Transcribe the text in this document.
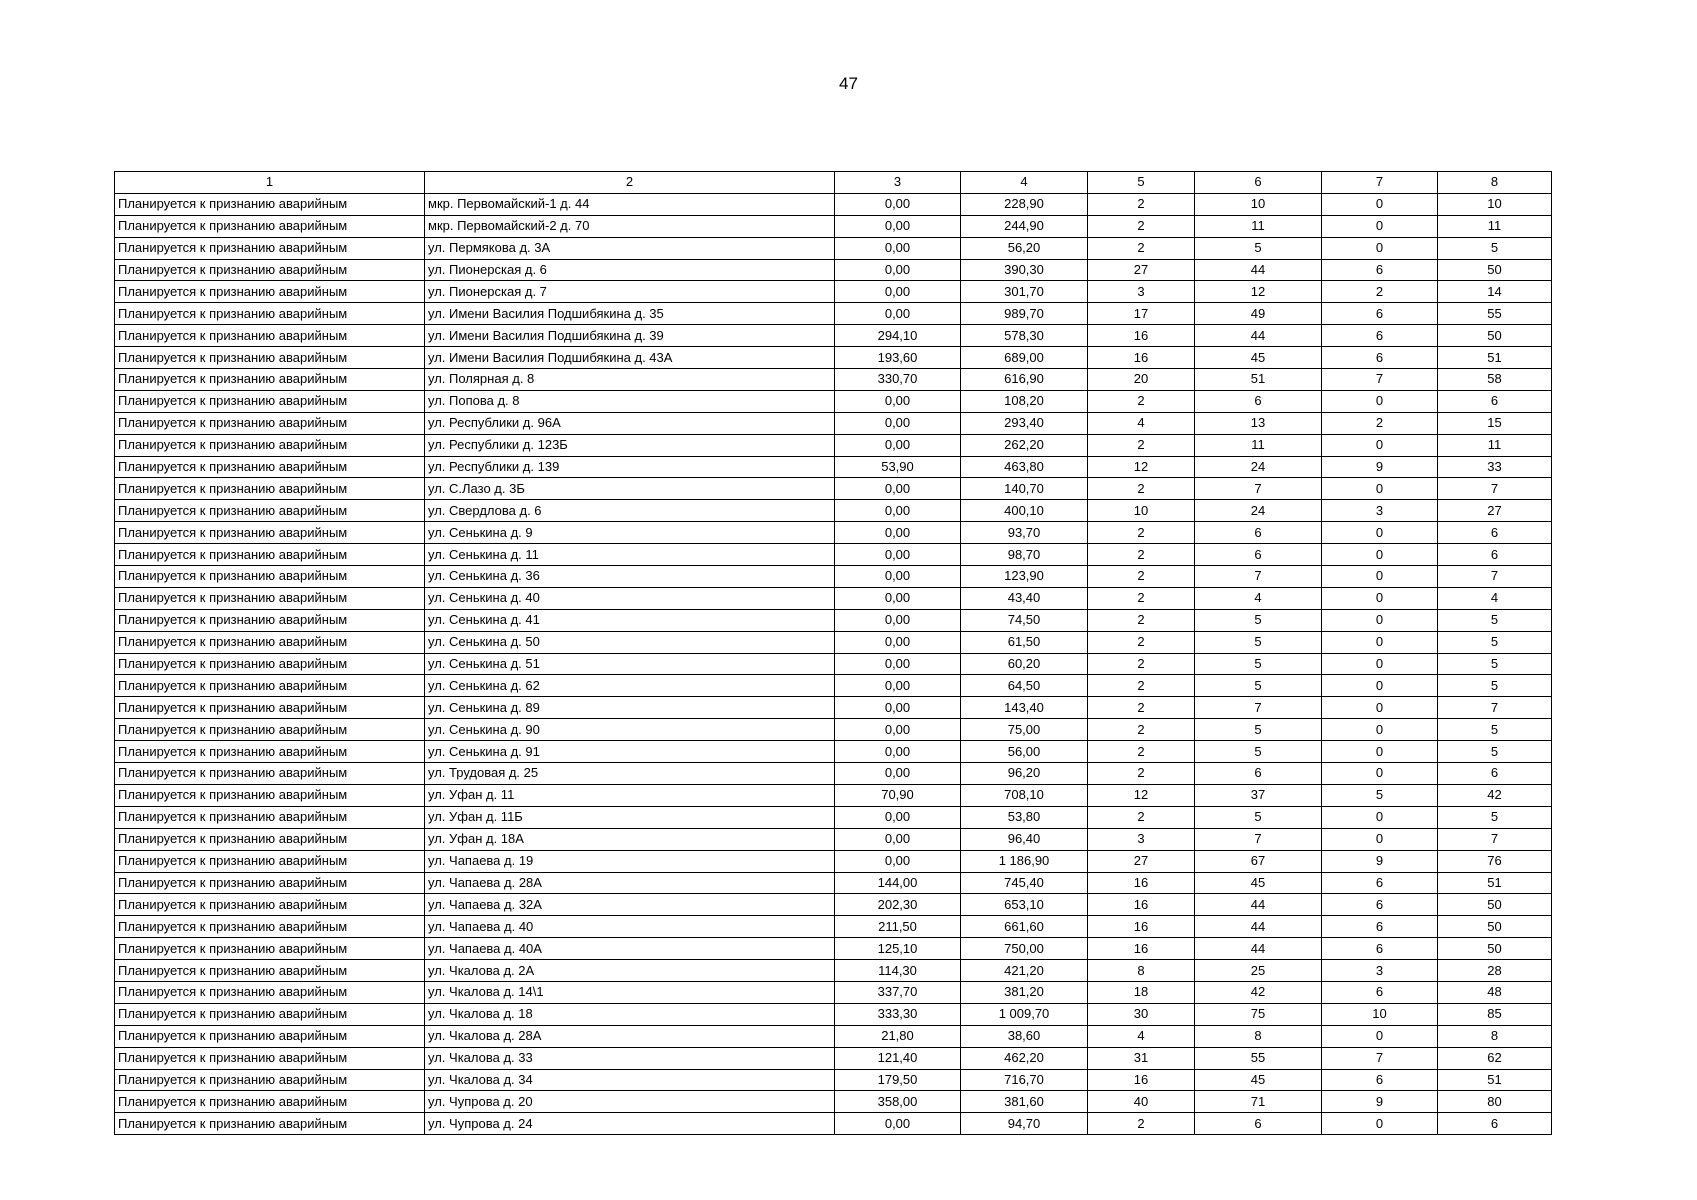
47
1	2	3	4	5	6	7	8
Планируется к признанию аварийным	мкр. Первомайский-1 д. 44	0,00	228,90	2	10	0	10
Планируется к признанию аварийным	мкр. Первомайский-2 д. 70	0,00	244,90	2	11	0	11
Планируется к признанию аварийным	ул. Пермякова д. 3А	0,00	56,20	2	5	0	5
Планируется к признанию аварийным	ул. Пионерская д. 6	0,00	390,30	27	44	6	50
Планируется к признанию аварийным	ул. Пионерская д. 7	0,00	301,70	3	12	2	14
Планируется к признанию аварийным	ул. Имени Василия Подшибякина д. 35	0,00	989,70	17	49	6	55
Планируется к признанию аварийным	ул. Имени Василия Подшибякина д. 39	294,10	578,30	16	44	6	50
Планируется к признанию аварийным	ул. Имени Василия Подшибякина д. 43А	193,60	689,00	16	45	6	51
Планируется к признанию аварийным	ул. Полярная д. 8	330,70	616,90	20	51	7	58
Планируется к признанию аварийным	ул. Попова д. 8	0,00	108,20	2	6	0	6
Планируется к признанию аварийным	ул. Республики д. 96А	0,00	293,40	4	13	2	15
Планируется к признанию аварийным	ул. Республики д. 123Б	0,00	262,20	2	11	0	11
Планируется к признанию аварийным	ул. Республики д. 139	53,90	463,80	12	24	9	33
Планируется к признанию аварийным	ул. С.Лазо д. 3Б	0,00	140,70	2	7	0	7
Планируется к признанию аварийным	ул. Свердлова д. 6	0,00	400,10	10	24	3	27
Планируется к признанию аварийным	ул. Сенькина д. 9	0,00	93,70	2	6	0	6
Планируется к признанию аварийным	ул. Сенькина д. 11	0,00	98,70	2	6	0	6
Планируется к признанию аварийным	ул. Сенькина д. 36	0,00	123,90	2	7	0	7
Планируется к признанию аварийным	ул. Сенькина д. 40	0,00	43,40	2	4	0	4
Планируется к признанию аварийным	ул. Сенькина д. 41	0,00	74,50	2	5	0	5
Планируется к признанию аварийным	ул. Сенькина д. 50	0,00	61,50	2	5	0	5
Планируется к признанию аварийным	ул. Сенькина д. 51	0,00	60,20	2	5	0	5
Планируется к признанию аварийным	ул. Сенькина д. 62	0,00	64,50	2	5	0	5
Планируется к признанию аварийным	ул. Сенькина д. 89	0,00	143,40	2	7	0	7
Планируется к признанию аварийным	ул. Сенькина д. 90	0,00	75,00	2	5	0	5
Планируется к признанию аварийным	ул. Сенькина д. 91	0,00	56,00	2	5	0	5
Планируется к признанию аварийным	ул. Трудовая д. 25	0,00	96,20	2	6	0	6
Планируется к признанию аварийным	ул. Уфан д. 11	70,90	708,10	12	37	5	42
Планируется к признанию аварийным	ул. Уфан д. 11Б	0,00	53,80	2	5	0	5
Планируется к признанию аварийным	ул. Уфан д. 18А	0,00	96,40	3	7	0	7
Планируется к признанию аварийным	ул. Чапаева д. 19	0,00	1 186,90	27	67	9	76
Планируется к признанию аварийным	ул. Чапаева д. 28А	144,00	745,40	16	45	6	51
Планируется к признанию аварийным	ул. Чапаева д. 32А	202,30	653,10	16	44	6	50
Планируется к признанию аварийным	ул. Чапаева д. 40	211,50	661,60	16	44	6	50
Планируется к признанию аварийным	ул. Чапаева д. 40А	125,10	750,00	16	44	6	50
Планируется к признанию аварийным	ул. Чкалова д. 2А	114,30	421,20	8	25	3	28
Планируется к признанию аварийным	ул. Чкалова д. 14\1	337,70	381,20	18	42	6	48
Планируется к признанию аварийным	ул. Чкалова д. 18	333,30	1 009,70	30	75	10	85
Планируется к признанию аварийным	ул. Чкалова д. 28А	21,80	38,60	4	8	0	8
Планируется к признанию аварийным	ул. Чкалова д. 33	121,40	462,20	31	55	7	62
Планируется к признанию аварийным	ул. Чкалова д. 34	179,50	716,70	16	45	6	51
Планируется к признанию аварийным	ул. Чупрова д. 20	358,00	381,60	40	71	9	80
Планируется к признанию аварийным	ул. Чупрова д. 24	0,00	94,70	2	6	0	6
